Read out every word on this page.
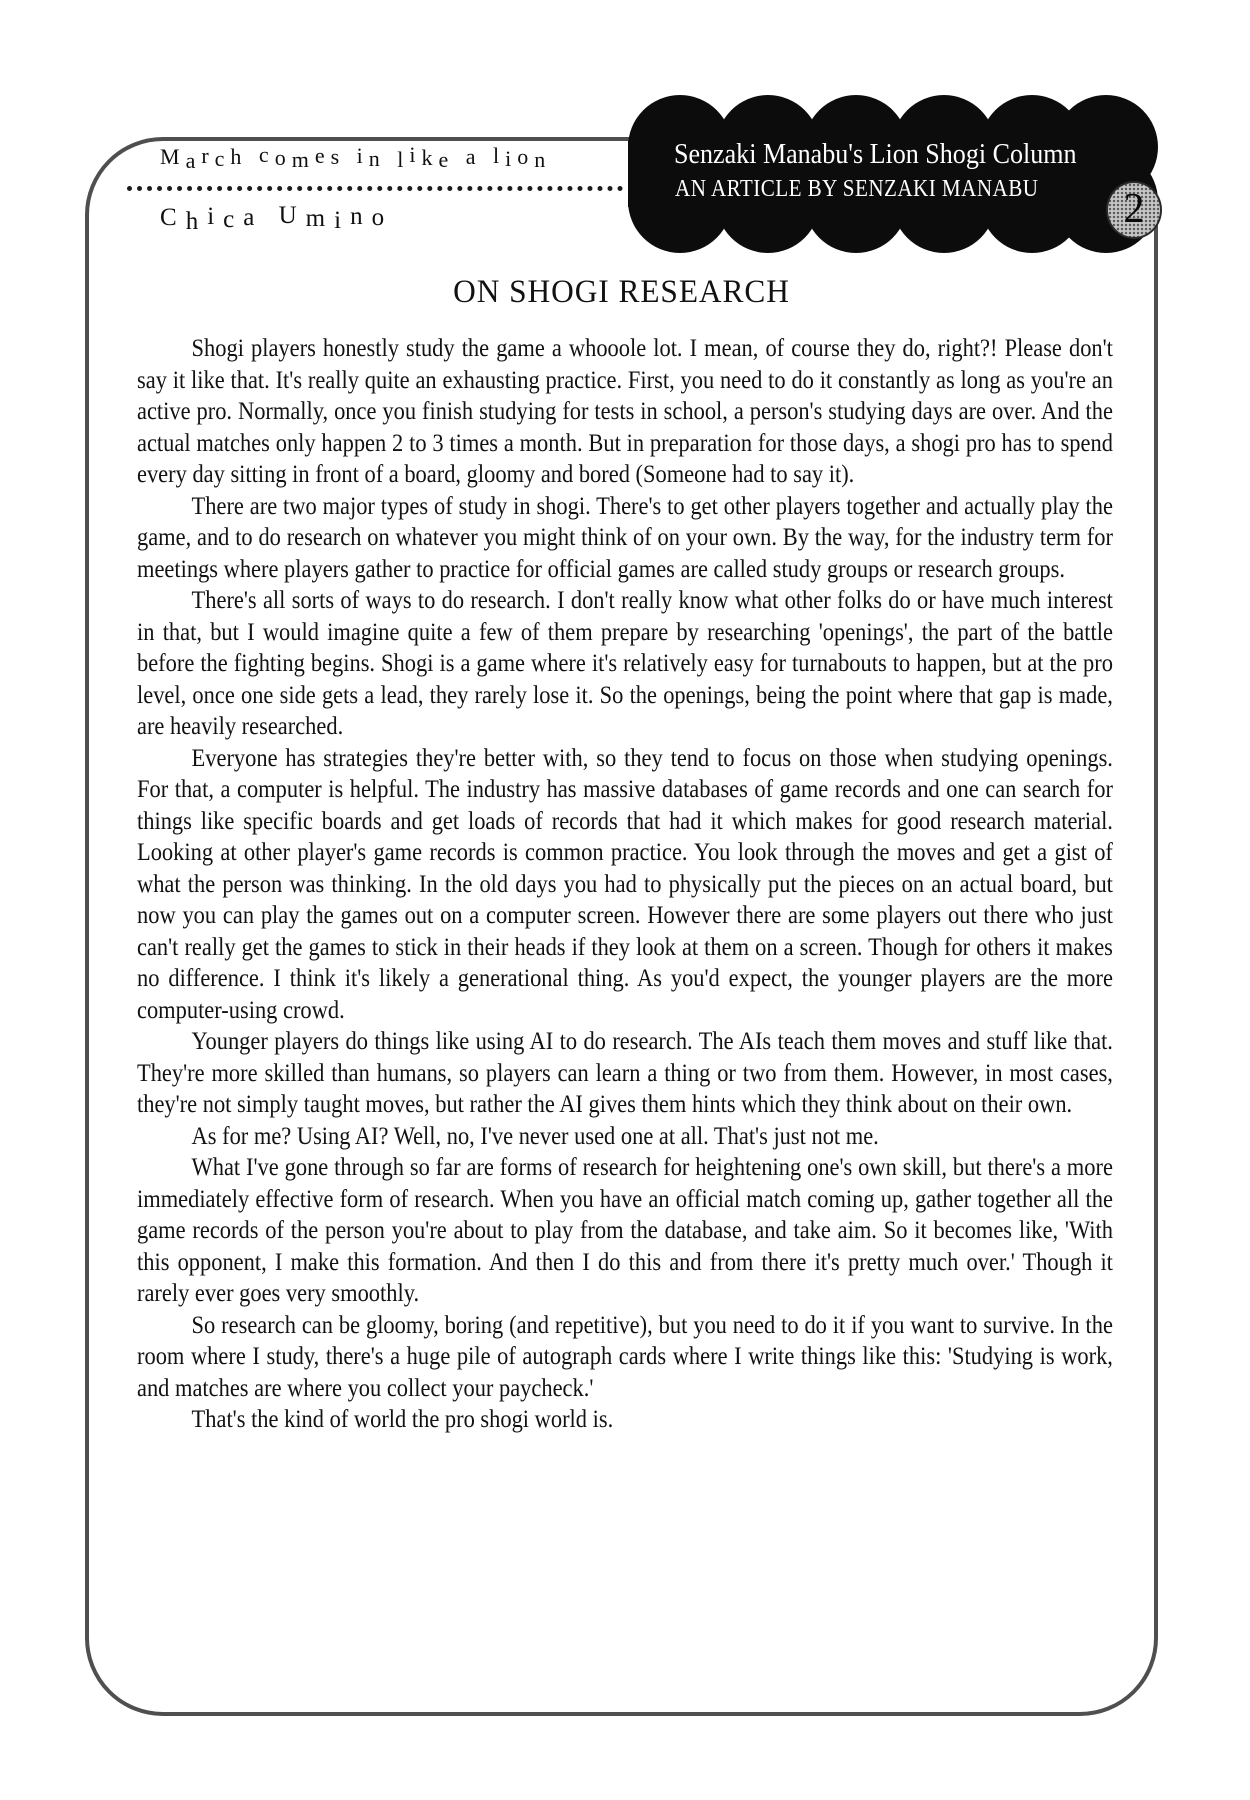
March comes in like a lion
Chica Umino
Senzaki Manabu's Lion Shogi Column
AN ARTICLE BY SENZAKI MANABU	2
ON SHOGI RESEARCH

Shogi players honestly study the game a whooole lot. I mean, of course they do, right?! Please don't say it like that. It's really quite an exhausting practice. First, you need to do it constantly as long as you're an active pro. Normally, once you finish studying for tests in school, a person's studying days are over. And the actual matches only happen 2 to 3 times a month. But in preparation for those days, a shogi pro has to spend every day sitting in front of a board, gloomy and bored (Someone had to say it).

There are two major types of study in shogi. There's to get other players together and actually play the game, and to do research on whatever you might think of on your own. By the way, for the industry term for meetings where players gather to practice for official games are called study groups or research groups.

There's all sorts of ways to do research. I don't really know what other folks do or have much interest in that, but I would imagine quite a few of them prepare by researching 'openings', the part of the battle before the fighting begins. Shogi is a game where it's relatively easy for turnabouts to happen, but at the pro level, once one side gets a lead, they rarely lose it. So the openings, being the point where that gap is made, are heavily researched.

Everyone has strategies they're better with, so they tend to focus on those when studying openings. For that, a computer is helpful. The industry has massive databases of game records and one can search for things like specific boards and get loads of records that had it which makes for good research material. Looking at other player's game records is common practice. You look through the moves and get a gist of what the person was thinking. In the old days you had to physically put the pieces on an actual board, but now you can play the games out on a computer screen. However there are some players out there who just can't really get the games to stick in their heads if they look at them on a screen. Though for others it makes no difference. I think it's likely a generational thing. As you'd expect, the younger players are the more computer-using crowd.

Younger players do things like using AI to do research. The AIs teach them moves and stuff like that. They're more skilled than humans, so players can learn a thing or two from them. However, in most cases, they're not simply taught moves, but rather the AI gives them hints which they think about on their own.

As for me? Using AI? Well, no, I've never used one at all. That's just not me.

What I've gone through so far are forms of research for heightening one's own skill, but there's a more immediately effective form of research. When you have an official match coming up, gather together all the game records of the person you're about to play from the database, and take aim. So it becomes like, 'With this opponent, I make this formation. And then I do this and from there it's pretty much over.' Though it rarely ever goes very smoothly.

So research can be gloomy, boring (and repetitive), but you need to do it if you want to survive. In the room where I study, there's a huge pile of autograph cards where I write things like this: 'Studying is work, and matches are where you collect your paycheck.'

That's the kind of world the pro shogi world is.
